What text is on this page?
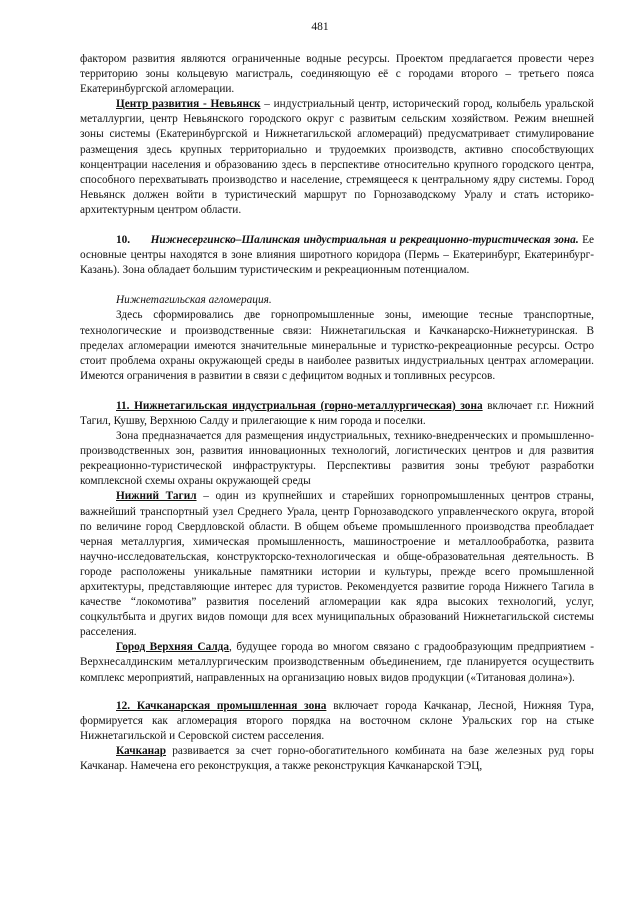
481

фактором развития являются ограниченные водные ресурсы. Проектом предлагается провести через территорию зоны кольцевую магистраль, соединяющую её с городами второго – третьего пояса Екатеринбургской агломерации.

Центр развития - Невьянск – индустриальный центр, исторический город, колыбель уральской металлургии, центр Невьянского городского округ с развитым сельским хозяйством. Режим внешней зоны системы (Екатеринбургской и Нижнетагильской агломераций) предусматривает стимулирование размещения здесь крупных территориально и трудоемких производств, активно способствующих концентрации населения и образованию здесь в перспективе относительно крупного городского центра, способного перехватывать производство и население, стремящееся к центральному ядру системы. Город Невьянск должен войти в туристический маршрут по Горнозаводскому Уралу и стать историко-архитектурным центром области.

10. Нижнесергинско–Шалинская индустриальная и рекреационно-туристическая зона. Ее основные центры находятся в зоне влияния широтного коридора (Пермь – Екатеринбург, Екатеринбург-Казань). Зона обладает большим туристическим и рекреационным потенциалом.

Нижнетагильская агломерация.

Здесь сформировались две горнопромышленные зоны, имеющие тесные транспортные, технологические и производственные связи: Нижнетагильская и Качканарско-Нижнетуринская. В пределах агломерации имеются значительные минеральные и туристко-рекреационные ресурсы. Остро стоит проблема охраны окружающей среды в наиболее развитых индустриальных центрах агломерации. Имеются ограничения в развитии в связи с дефицитом водных и топливных ресурсов.

11. Нижнетагильская индустриальная (горно-металлургическая) зона включает г.г. Нижний Тагил, Кушву, Верхнюю Салду и прилегающие к ним города и поселки.

Зона предназначается для размещения индустриальных, технико-внедренческих и промышленно-производственных зон, развития инновационных технологий, логистических центров и для развития рекреационно-туристической инфраструктуры. Перспективы развития зоны требуют разработки комплексной схемы охраны окружающей среды

Нижний Тагил – один из крупнейших и старейших горнопромышленных центров страны, важнейший транспортный узел Среднего Урала, центр Горнозаводского управленческого округа, второй по величине город Свердловской области. В общем объеме промышленного производства преобладает черная металлургия, химическая промышленность, машиностроение и металлообработка, развита научно-исследовательская, конструкторско-технологическая и обще-образовательная деятельность. В городе расположены уникальные памятники истории и культуры, прежде всего промышленной архитектуры, представляющие интерес для туристов. Рекомендуется развитие города Нижнего Тагила в качестве “локомотива” развития поселений агломерации как ядра высоких технологий, услуг, соцкультбыта и других видов помощи для всех муниципальных образований Нижнетагильской системы расселения.

Город Верхняя Салда, будущее города во многом связано с градообразующим предприятием - Верхнесалдинским металлургическим производственным объединением, где планируется осуществить комплекс мероприятий, направленных на организацию новых видов продукции («Титановая долина»).

12. Качканарская промышленная зона включает города Качканар, Лесной, Нижняя Тура, формируется как агломерация второго порядка на восточном склоне Уральских гор на стыке Нижнетагильской и Серовской систем расселения.

Качканар развивается за счет горно-обогатительного комбината на базе железных руд горы Качканар. Намечена его реконструкция, а также реконструкция Качканарской ТЭЦ,
